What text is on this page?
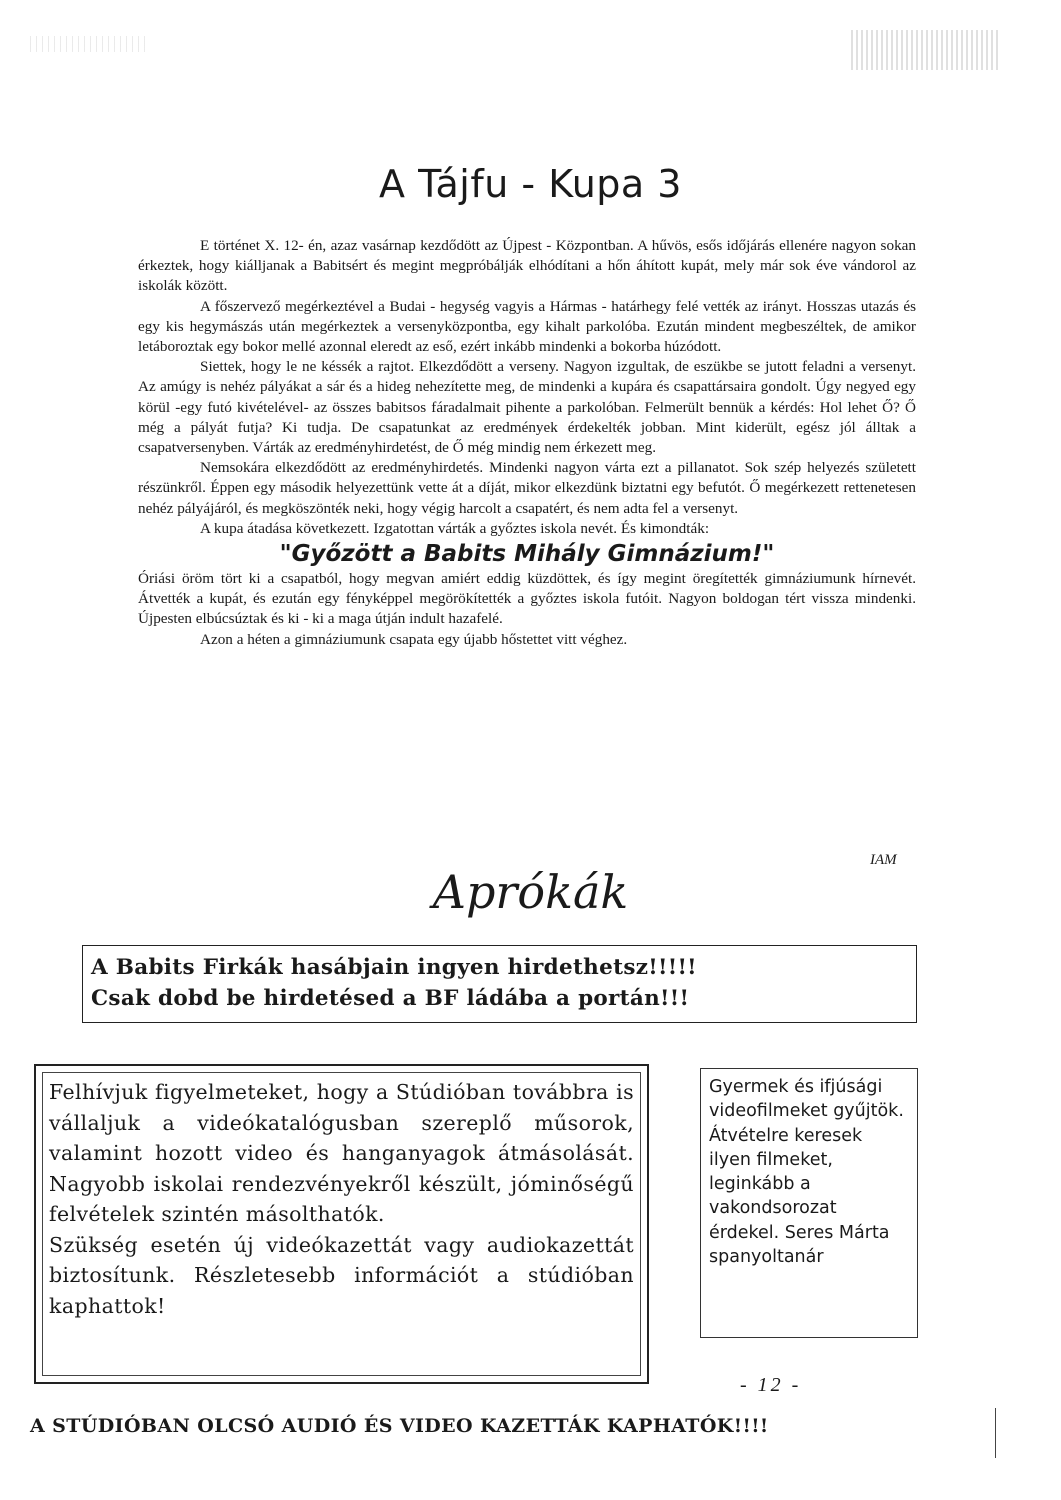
A Tájfu - Kupa 3

E történet X. 12- én, azaz vasárnap kezdődött az Újpest - Központban. A hűvös, esős időjárás ellenére nagyon sokan érkeztek, hogy kiálljanak a Babitsért és megint megpróbálják elhódítani a hőn áhított kupát, mely már sok éve vándorol az iskolák között.

A főszervező megérkeztével a Budai - hegység vagyis a Hármas - határhegy felé vették az irányt. Hosszas utazás és egy kis hegymászás után megérkeztek a versenyközpontba, egy kihalt parkolóba. Ezután mindent megbeszéltek, de amikor letáboroztak egy bokor mellé azonnal eleredt az eső, ezért inkább mindenki a bokorba húzódott.

Siettek, hogy le ne késsék a rajtot. Elkezdődött a verseny. Nagyon izgultak, de eszükbe se jutott feladni a versenyt. Az amúgy is nehéz pályákat a sár és a hideg nehezítette meg, de mindenki a kupára és csapattársaira gondolt. Úgy negyed egy körül -egy futó kivételével- az összes babitsos fáradalmait pihente a parkolóban. Felmerült bennük a kérdés: Hol lehet Ő? Ő még a pályát futja? Ki tudja. De csapatunkat az eredmények érdekelték jobban. Mint kiderült, egész jól álltak a csapatversenyben. Várták az eredményhirdetést, de Ő még mindig nem érkezett meg.

Nemsokára elkezdődött az eredményhirdetés. Mindenki nagyon várta ezt a pillanatot. Sok szép helyezés született részünkről. Éppen egy második helyezettünk vette át a díját, mikor elkezdünk biztatni egy befutót. Ő megérkezett rettenetesen nehéz pályájáról, és megköszönték neki, hogy végig harcolt a csapatért, és nem adta fel a versenyt.

A kupa átadása következett. Izgatottan várták a győztes iskola nevét. És kimondták:

"Győzött a Babits Mihály Gimnázium!"

Óriási öröm tört ki a csapatból, hogy megvan amiért eddig küzdöttek, és így megint öregítették gimnáziumunk hírnevét. Átvették a kupát, és ezután egy fényképpel megörökítették a győztes iskola futóit. Nagyon boldogan tért vissza mindenki. Újpesten elbúcsúztak és ki - ki a maga útján indult hazafelé.

Azon a héten a gimnáziumunk csapata egy újabb hőstettet vitt véghez.

IAM
Aprókák
A Babits Firkák hasábjain ingyen hirdethetsz!!!!!
Csak dobd be hirdetésed a BF ládába a portán!!!
Felhívjuk figyelmeteket, hogy a Stúdióban továbbra is vállaljuk a videókatalógusban szereplő műsorok, valamint hozott video és hanganyagok átmásolását. Nagyobb iskolai rendezvényekről készült, jóminőségű felvételek szintén másolthatók.
Szükség esetén új videókazettát vagy audiokazettát biztosítunk. Részletesebb információt a stúdióban kaphattok!
Gyermek és ifjúsági videofilmeket gyűjtök. Átvételre keresek ilyen filmeket, leginkább a vakondsorozat érdekel. Seres Márta spanyoltanár
- 12 -
A STÚDIÓBAN OLCSÓ AUDIÓ ÉS VIDEO KAZETTÁK KAPHATÓK!!!!
